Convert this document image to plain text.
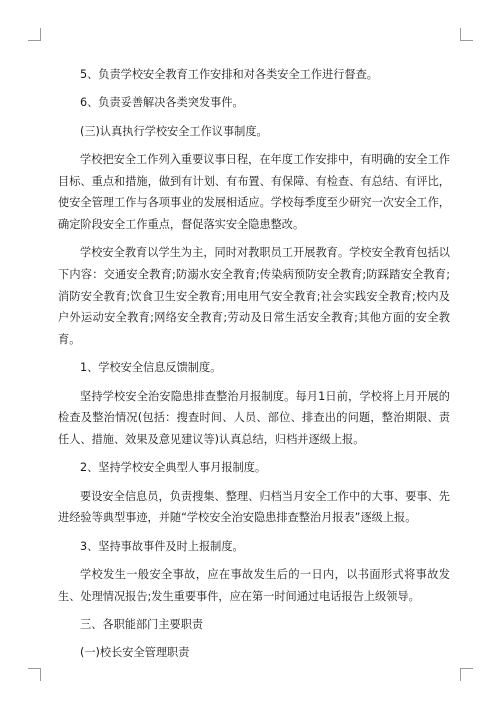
5、负责学校安全教育工作安排和对各类安全工作进行督查。

6、负责妥善解决各类突发事件。

(三)认真执行学校安全工作议事制度。

学校把安全工作列入重要议事日程，在年度工作安排中，有明确的安全工作目标、重点和措施，做到有计划、有布置、有保障、有检查、有总结、有评比，使安全管理工作与各项事业的发展相适应。学校每季度至少研究一次安全工作，确定阶段安全工作重点，督促落实安全隐患整改。

学校安全教育以学生为主，同时对教职员工开展教育。学校安全教育包括以下内容：交通安全教育;防溺水安全教育;传染病预防安全教育;防踩踏安全教育;消防安全教育;饮食卫生安全教育;用电用气安全教育;社会实践安全教育;校内及户外运动安全教育;网络安全教育;劳动及日常生活安全教育;其他方面的安全教育。

1、学校安全信息反馈制度。

坚持学校安全治安隐患排查整治月报制度。每月1日前，学校将上月开展的检查及整治情况(包括：搜查时间、人员、部位、排查出的问题，整治期限、责任人、措施、效果及意见建议等)认真总结，归档并逐级上报。

2、坚持学校安全典型人事月报制度。

要设安全信息员，负责搜集、整理、归档当月安全工作中的大事、要事、先进经验等典型事迹，并随“学校安全治安隐患排查整治月报表”逐级上报。

3、坚持事故事件及时上报制度。

学校发生一般安全事故，应在事故发生后的一日内，以书面形式将事故发生、处理情况报告;发生重要事件，应在第一时间通过电话报告上级领导。

三、各职能部门主要职责

(一)校长安全管理职责
